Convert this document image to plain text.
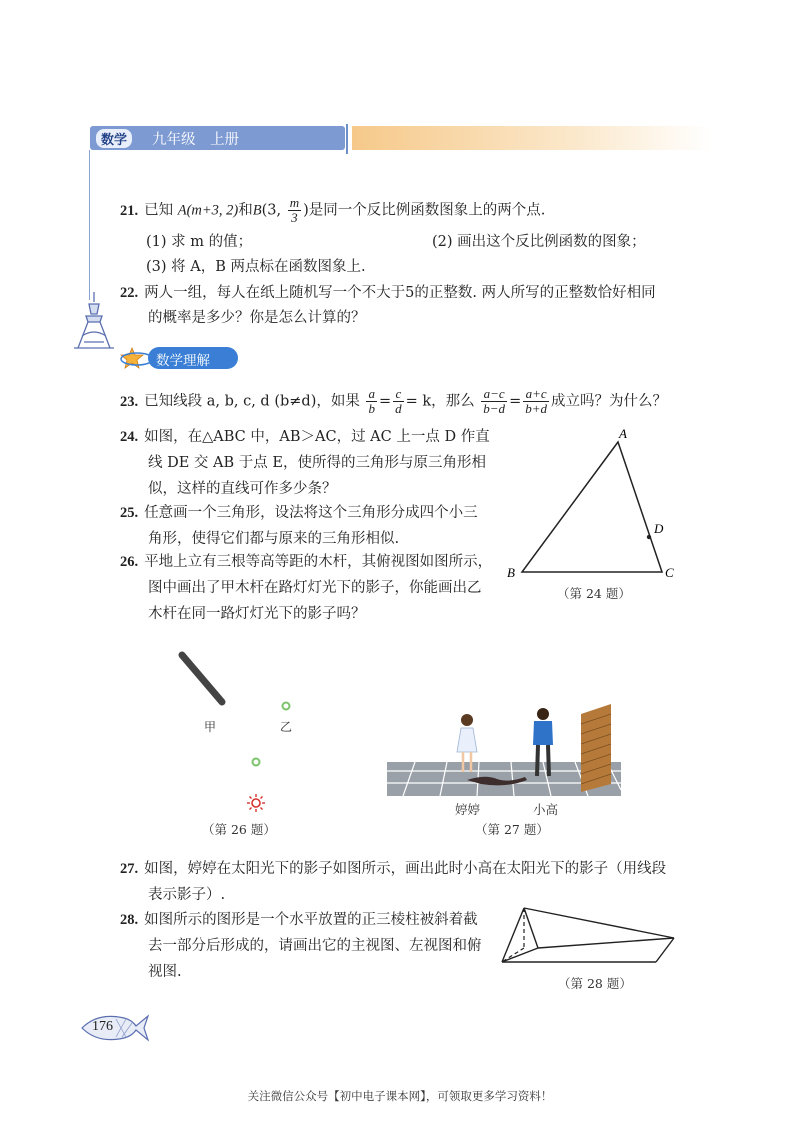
数学	九年级　上册
21. 已知 A(m+3, 2)和B(3, $\frac{m}{3}$ )是同一个反比例函数图象上的两个点.
(1) 求 m 的值；	(2) 画出这个反比例函数的图象；
(3) 将 A，B 两点标在函数图象上.
22. 两人一组，每人在纸上随机写一个不大于5的正整数. 两人所写的正整数恰好相同
的概率是多少？你是怎么计算的？
数学理解
23. 已知线段 a, b, c, d (b≠d)，如果 $\frac{a}{b} = \frac{c}{d} = k$，那么 $\frac{a-c}{b-d} = \frac{a+c}{b+d}$ 成立吗？为什么？
24. 如图，在△ABC 中，AB＞AC，过 AC 上一点 D 作直
线 DE 交 AB 于点 E，使所得的三角形与原三角形相
似，这样的直线可作多少条？
25. 任意画一个三角形，设法将这个三角形分成四个小三
角形，使得它们都与原来的三角形相似.
26. 平地上立有三根等高等距的木杆，其俯视图如图所示，
图中画出了甲木杆在路灯灯光下的影子，你能画出乙
木杆在同一路灯灯光下的影子吗？
A
B	C
D
（第 24 题）
甲	乙
（第 26 题）
婷婷	小高
（第 27 题）
27. 如图，婷婷在太阳光下的影子如图所示，画出此时小高在太阳光下的影子（用线段
表示影子）.
28. 如图所示的图形是一个水平放置的正三棱柱被斜着截
去一部分后形成的，请画出它的主视图、左视图和俯
视图.
（第 28 题）
176
关注微信公众号【初中电子课本网】，可领取更多学习资料！
